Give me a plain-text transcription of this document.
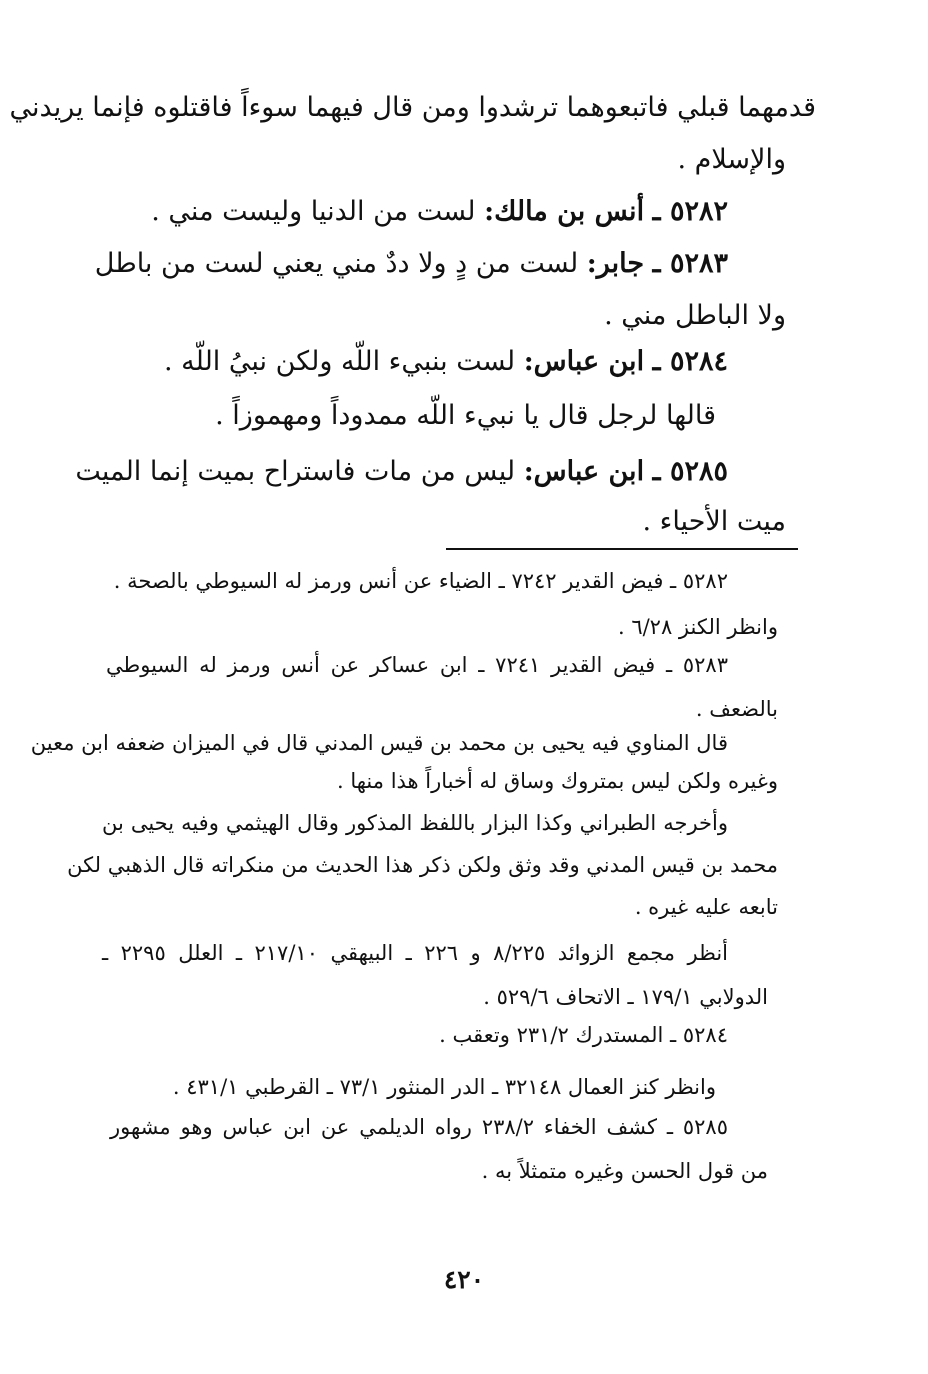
قدمهما قبلي فاتبعوهما ترشدوا ومن قال فيهما سوءاً فاقتلوه فإنما يريدني
والإسلام .
٥٢٨٢ ـ أنس بن مالك: لست من الدنيا وليست مني .
٥٢٨٣ ـ جابر: لست من دٍ ولا ددٌ مني يعني لست من باطل
ولا الباطل مني .
٥٢٨٤ ـ ابن عباس: لست بنبيء اللّه ولكن نبيُ اللّه .
قالها لرجل قال يا نبيء اللّه ممدوداً ومهموزاً .
٥٢٨٥ ـ ابن عباس: ليس من مات فاستراح بميت إنما الميت
ميت الأحياء .
٥٢٨٢ ـ فيض القدير ٧٢٤٢ ـ الضياء عن أنس ورمز له السيوطي بالصحة .
وانظر الكنز ٦/٢٨ .
٥٢٨٣ ـ فيض القدير ٧٢٤١ ـ ابن عساكر عن أنس ورمز له السيوطي
بالضعف .
قال المناوي فيه يحيى بن محمد بن قيس المدني قال في الميزان ضعفه ابن معين
وغيره ولكن ليس بمتروك وساق له أخباراً هذا منها .
وأخرجه الطبراني وكذا البزار باللفظ المذكور وقال الهيثمي وفيه يحيى بن
محمد بن قيس المدني وقد وثق ولكن ذكر هذا الحديث من منكراته قال الذهبي لكن
تابعه عليه غيره .
أنظر مجمع الزوائد ٨/٢٢٥ و ٢٢٦ ـ البيهقي ٢١٧/١٠ ـ العلل ٢٢٩٥ ـ
الدولابي ١٧٩/١ ـ الاتحاف ٥٢٩/٦ .
٥٢٨٤ ـ المستدرك ٢٣١/٢ وتعقب .
وانظر كنز العمال ٣٢١٤٨ ـ الدر المنثور ٧٣/١ ـ القرطبي ٤٣١/١ .
٥٢٨٥ ـ كشف الخفاء ٢٣٨/٢ رواه الديلمي عن ابن عباس وهو مشهور
من قول الحسن وغيره متمثلاً به .
٤٢٠
